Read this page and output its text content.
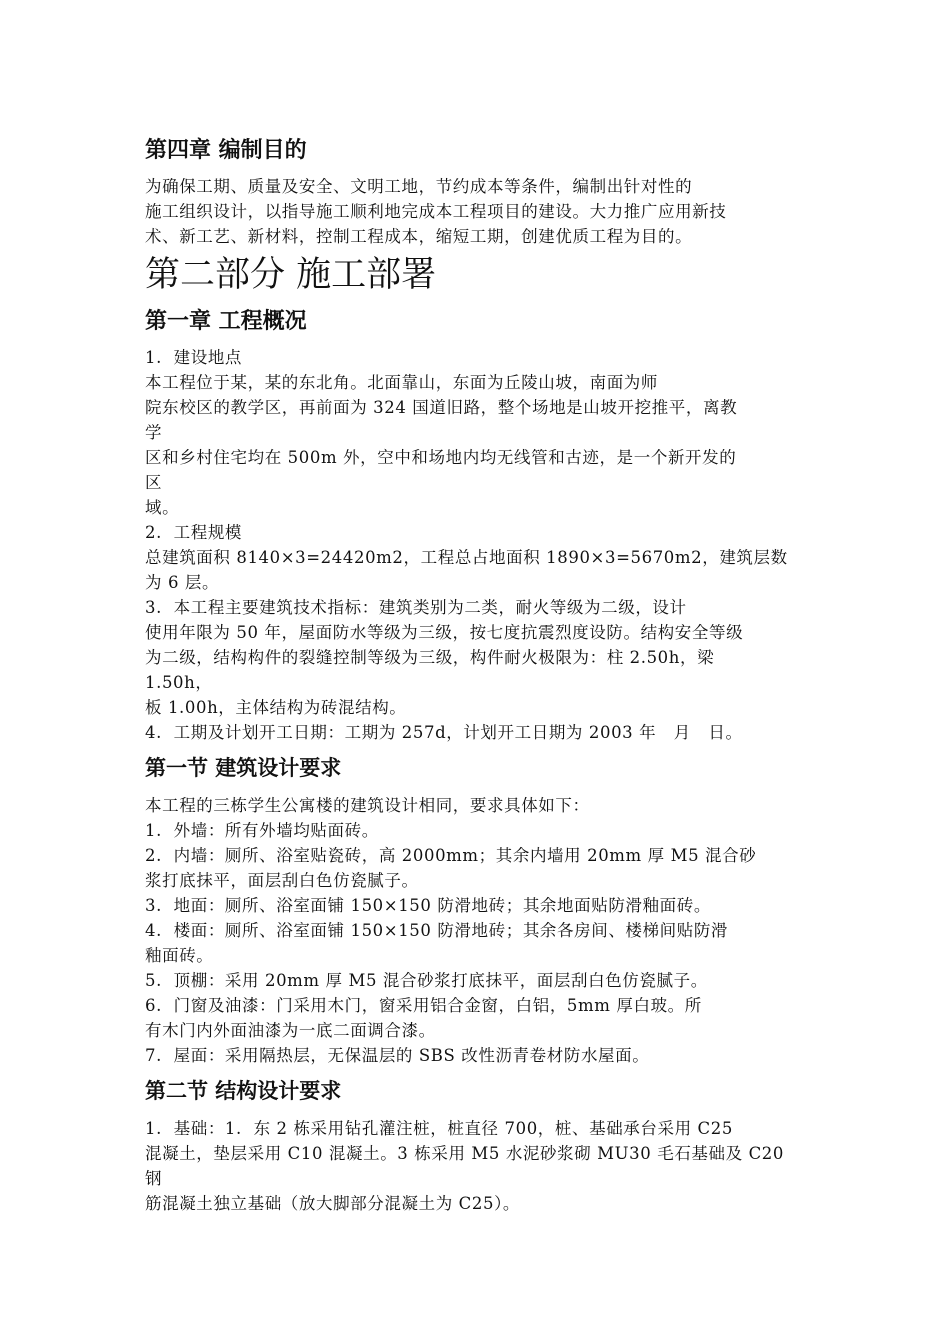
第四章 编制目的
为确保工期、质量及安全、文明工地，节约成本等条件，编制出针对性的
施工组织设计，以指导施工顺利地完成本工程项目的建设。大力推广应用新技
术、新工艺、新材料，控制工程成本，缩短工期，创建优质工程为目的。
第二部分 施工部署
第一章 工程概况
1.  建设地点
本工程位于某，某的东北角。北面靠山，东面为丘陵山坡，南面为师
院东校区的教学区，再前面为 324 国道旧路，整个场地是山坡开挖推平，离教
学
区和乡村住宅均在 500m 外，空中和场地内均无线管和古迹，是一个新开发的
区
域。
2.  工程规模
总建筑面积 8140×3=24420m2，工程总占地面积 1890×3=5670m2，建筑层数
为 6 层。
3.  本工程主要建筑技术指标：建筑类别为二类，耐火等级为二级，设计
使用年限为 50 年，屋面防水等级为三级，按七度抗震烈度设防。结构安全等级
为二级，结构构件的裂缝控制等级为三级，构件耐火极限为：柱 2.50h，梁
1.50h，
板 1.00h，主体结构为砖混结构。
4.  工期及计划开工日期：工期为 257d，计划开工日期为 2003 年   月   日。
第一节 建筑设计要求
本工程的三栋学生公寓楼的建筑设计相同，要求具体如下：
1.  外墙：所有外墙均贴面砖。
2.  内墙：厕所、浴室贴瓷砖，高 2000mm；其余内墙用 20mm 厚 M5 混合砂
浆打底抹平，面层刮白色仿瓷腻子。
3.  地面：厕所、浴室面铺 150×150 防滑地砖；其余地面贴防滑釉面砖。
4.  楼面：厕所、浴室面铺 150×150 防滑地砖；其余各房间、楼梯间贴防滑
釉面砖。
5.  顶棚：采用 20mm 厚 M5 混合砂浆打底抹平，面层刮白色仿瓷腻子。
6.  门窗及油漆：门采用木门，窗采用铝合金窗，白铝，5mm 厚白玻。所
有木门内外面油漆为一底二面调合漆。
7.  屋面：采用隔热层，无保温层的 SBS 改性沥青卷材防水屋面。
第二节 结构设计要求
1.  基础：1.  东 2 栋采用钻孔灌注桩，桩直径 700，桩、基础承台采用 C25
混凝土，垫层采用 C10 混凝土。3 栋采用 M5 水泥砂浆砌 MU30 毛石基础及 C20
钢
筋混凝土独立基础（放大脚部分混凝土为 C25）。
